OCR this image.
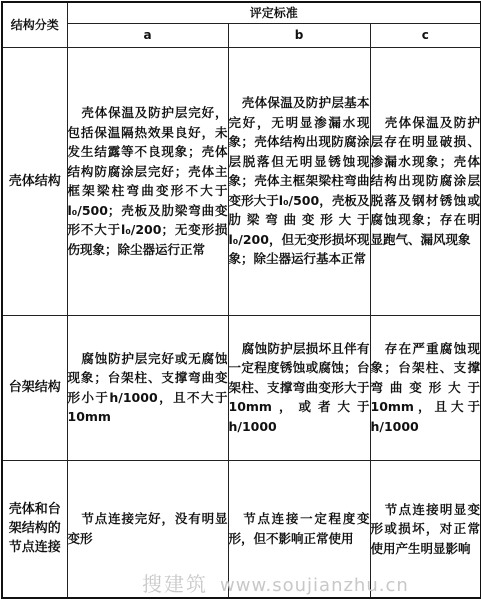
结构分类	评定标准		
	a	b	c
壳体结构	壳体保温及防护层完好，包括保温隔热效果良好，未发生结露等不良现象；壳体结构防腐涂层完好；壳体主框架梁柱弯曲变形不大于l₀/500；壳板及肋梁弯曲变形不大于l₀/200；无变形损伤现象；除尘器运行正常	壳体保温及防护层基本完好，无明显渗漏水现象；壳体结构出现防腐涂层脱落但无明显锈蚀现象；壳体主框架梁柱弯曲变形大于l₀/500，壳板及肋梁弯曲变形大于l₀/200，但无变形损坏现象；除尘器运行基本正常	壳体保温及防护层存在明显破损、渗漏水现象；壳体结构出现防腐涂层脱落及钢材锈蚀或腐蚀现象；存在明显跑气、漏风现象
台架结构	腐蚀防护层完好或无腐蚀现象；台架柱、支撑弯曲变形小于h/1000，且不大于10mm	腐蚀防护层损坏且伴有一定程度锈蚀或腐蚀；台架柱、支撑弯曲变形大于10mm，或者大于h/1000	存在严重腐蚀现象；台架柱、支撑弯曲变形大于10mm，且大于h/1000
壳体和台架结构的节点连接	节点连接完好，没有明显变形	节点连接一定程度变形，但不影响正常使用	节点连接明显变形或损坏，对正常使用产生明显影响
搜建筑 www.soujianzhu.cn
